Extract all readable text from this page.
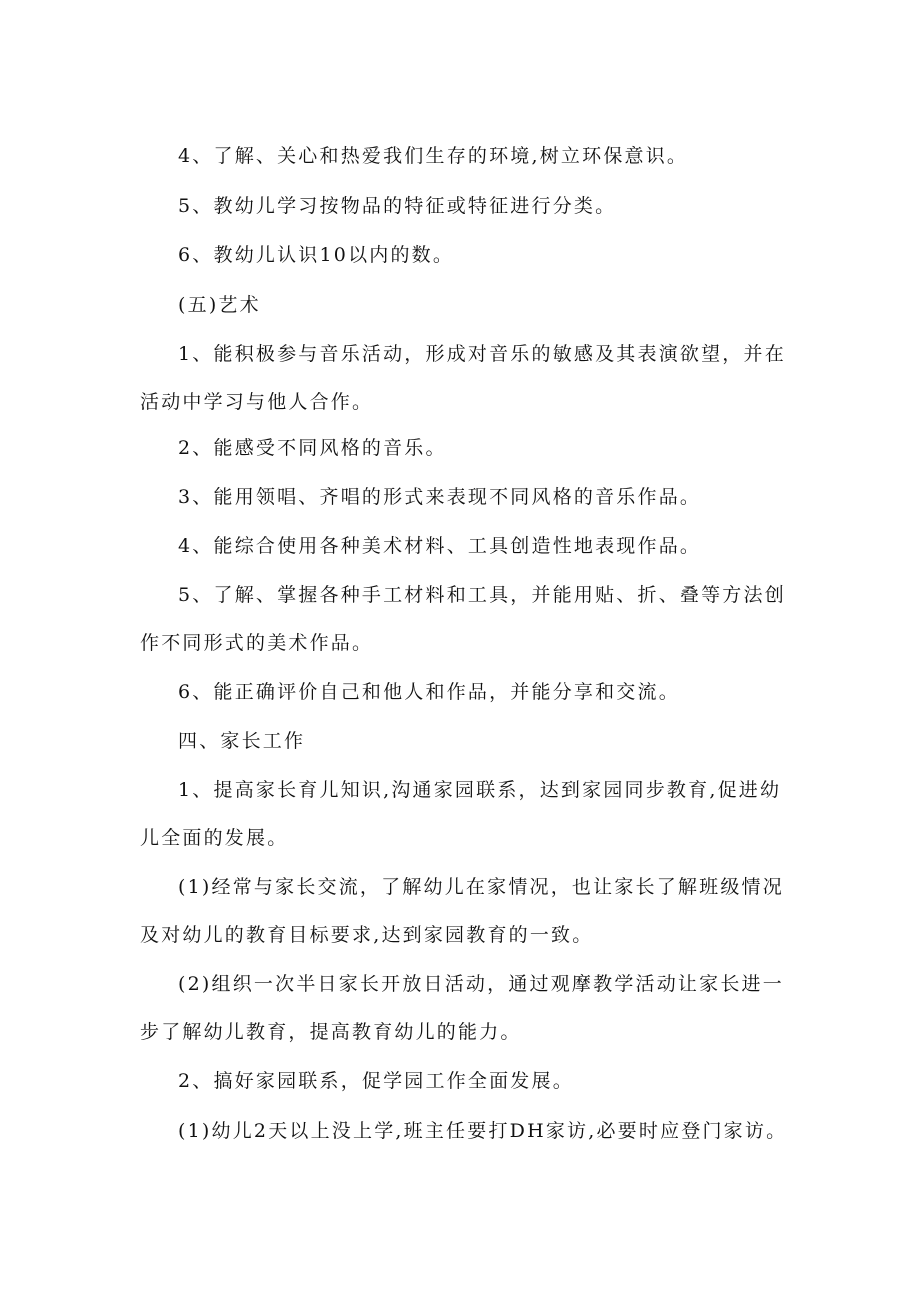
4、了解、关心和热爱我们生存的环境,树立环保意识。

5、教幼儿学习按物品的特征或特征进行分类。

6、教幼儿认识10以内的数。

(五)艺术

1、能积极参与音乐活动，形成对音乐的敏感及其表演欲望，并在活动中学习与他人合作。

2、能感受不同风格的音乐。

3、能用领唱、齐唱的形式来表现不同风格的音乐作品。

4、能综合使用各种美术材料、工具创造性地表现作品。

5、了解、掌握各种手工材料和工具，并能用贴、折、叠等方法创作不同形式的美术作品。

6、能正确评价自己和他人和作品，并能分享和交流。

四、家长工作

1、提高家长育儿知识,沟通家园联系，达到家园同步教育,促进幼儿全面的发展。

(1)经常与家长交流，了解幼儿在家情况，也让家长了解班级情况及对幼儿的教育目标要求,达到家园教育的一致。

(2)组织一次半日家长开放日活动，通过观摩教学活动让家长进一步了解幼儿教育，提高教育幼儿的能力。

2、搞好家园联系，促学园工作全面发展。

(1)幼儿2天以上没上学,班主任要打DH家访,必要时应登门家访。
